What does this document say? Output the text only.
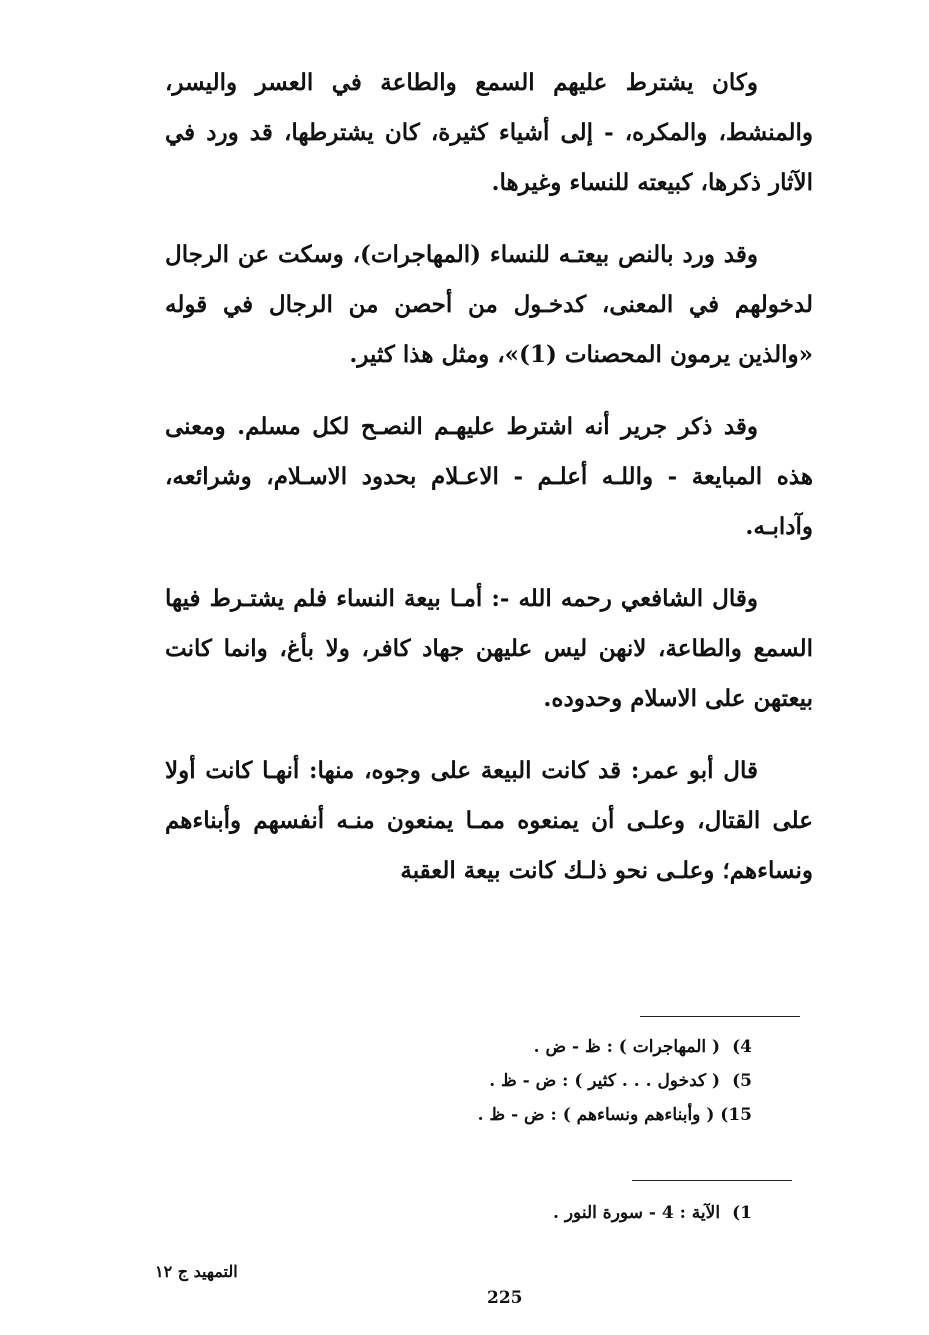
وكان يشترط عليهم السمع والطاعة في العسر واليسر، والمنشط، والمكره، - إلى أشياء كثيرة، كان يشترطها، قد ورد في الآثار ذكرها، كبيعته للنساء وغيرها.

وقد ورد بالنص بيعتـه للنساء (المهاجرات)، وسكت عن الرجال لدخولهم في المعنى، كدخـول من أحصن من الرجال في قوله «والذين يرمون المحصنات (1)»، ومثل هذا كثير.

وقد ذكر جرير أنه اشترط عليهـم النصـح لكل مسلم. ومعنى هذه المبايعة - واللـه أعلـم - الاعـلام بحدود الاسـلام، وشرائعه، وآدابـه.

وقال الشافعي رحمه الله -: أمـا بيعة النساء فلم يشتـرط فيها السمع والطاعة، لانهن ليس عليهن جهاد كافر، ولا بأغ، وانما كانت بيعتهن على الاسلام وحدوده.

قال أبو عمر: قد كانت البيعة على وجوه، منها: أنهـا كانت أولا على القتال، وعلـى أن يمنعوه ممـا يمنعون منـه أنفسهم وأبناءهم ونساءهم؛ وعلـى نحو ذلـك كانت بيعة العقبة

4) ( المهاجرات ) : ظ - ض .
5) ( كدخول . . . كثير ) : ض - ظ .
15) ( وأبناءهم ونساءهم ) : ض - ظ .
1) الآية : 4 - سورة النور .
التمهيد ج ١٢
225
